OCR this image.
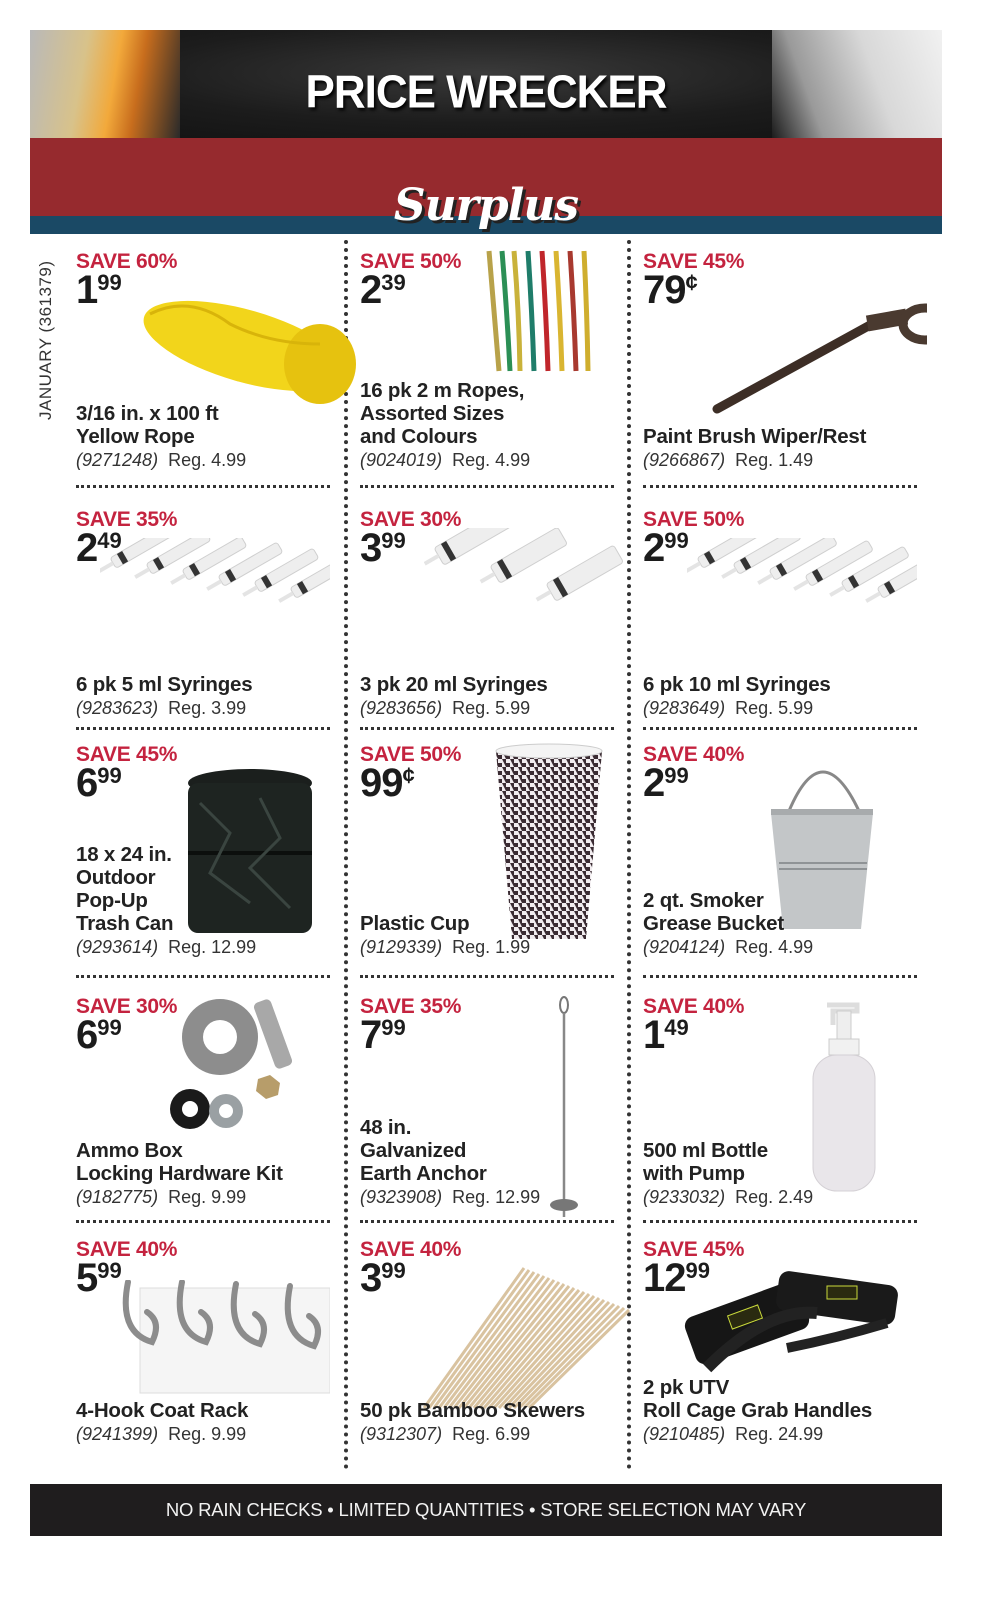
PRICE WRECKER
Surplus
JANUARY (361379) SAVE 60%
199
3/16 in. x 100 ft
Yellow Rope
(9271248) Reg. 4.99
SAVE 50%
239
16 pk 2 m Ropes,
Assorted Sizes
and Colours
(9024019) Reg. 4.99
SAVE 45%
79¢
Paint Brush Wiper/Rest
(9266867) Reg. 1.49
SAVE 35%
249
6 pk 5 ml Syringes
(9283623) Reg. 3.99
SAVE 30%
399
3 pk 20 ml Syringes
(9283656) Reg. 5.99
SAVE 50%
299
6 pk 10 ml Syringes
(9283649) Reg. 5.99
SAVE 45%
699
18 x 24 in.
Outdoor
Pop-Up
Trash Can
(9293614) Reg. 12.99
SAVE 50%
99¢
Plastic Cup
(9129339) Reg. 1.99
SAVE 40%
299
2 qt. Smoker
Grease Bucket
(9204124) Reg. 4.99
SAVE 30%
699
Ammo Box
Locking Hardware Kit
(9182775) Reg. 9.99
SAVE 35%
799
48 in.
Galvanized
Earth Anchor
(9323908) Reg. 12.99
SAVE 40%
149
500 ml Bottle
with Pump
(9233032) Reg. 2.49
SAVE 40%
599
4-Hook Coat Rack
(9241399) Reg. 9.99
SAVE 40%
399
50 pk Bamboo Skewers
(9312307) Reg. 6.99
SAVE 45%
1299
2 pk UTV
Roll Cage Grab Handles
(9210485) Reg. 24.99
NO RAIN CHECKS • LIMITED QUANTITIES • STORE SELECTION MAY VARY
